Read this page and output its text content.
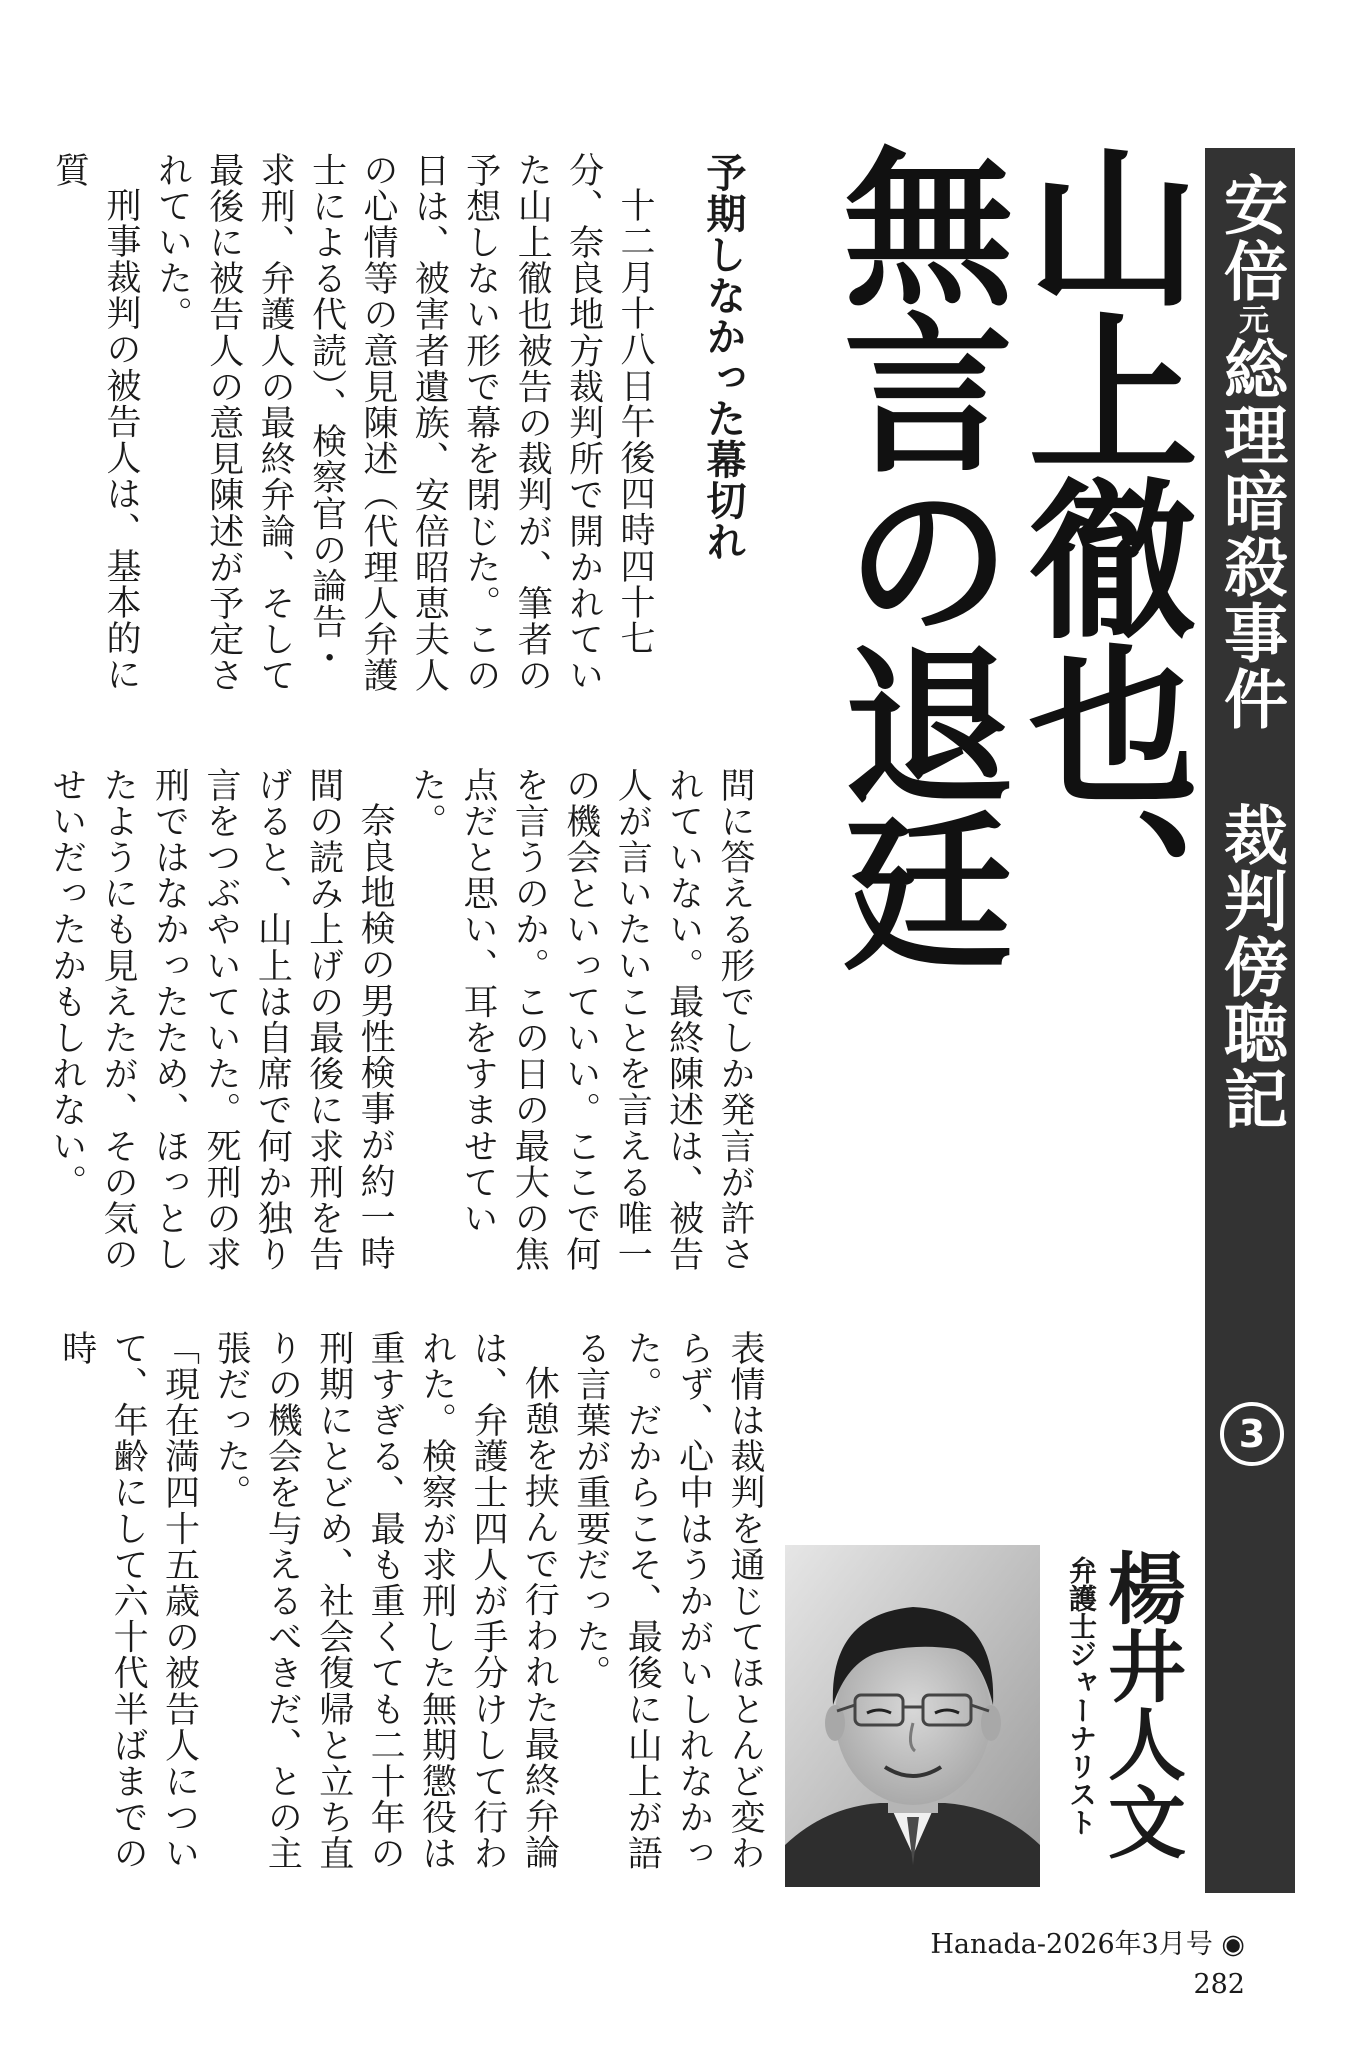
安倍元総理暗殺事件裁判傍聴記
3
山上徹也、
無言の退廷
楊井人文
弁護士ジャーナリスト
予期しなかった幕切れ
十二月十八日午後四時四十七分、奈良地方裁判所で開かれていた山上徹也被告の裁判が、筆者の予想しない形で幕を閉じた。この日は、被害者遺族、安倍昭恵夫人の心情等の意見陳述（代理人弁護士による代読）、検察官の論告・求刑、弁護人の最終弁論、そして最後に被告人の意見陳述が予定されていた。
刑事裁判の被告人は、基本的に質
問に答える形でしか発言が許されていない。最終陳述は、被告人が言いたいことを言える唯一の機会といっていい。ここで何を言うのか。この日の最大の焦点だと思い、耳をすませていた。
奈良地検の男性検事が約一時間の読み上げの最後に求刑を告げると、山上は自席で何か独り言をつぶやいていた。死刑の求刑ではなかったため、ほっとしたようにも見えたが、その気のせいだったかもしれない。
表情は裁判を通じてほとんど変わらず、心中はうかがいしれなかった。だからこそ、最後に山上が語る言葉が重要だった。
休憩を挟んで行われた最終弁論は、弁護士四人が手分けして行われた。検察が求刑した無期懲役は重すぎる、最も重くても二十年の刑期にとどめ、社会復帰と立ち直りの機会を与えるべきだ、との主張だった。
「現在満四十五歳の被告人について、年齢にして六十代半ばまでの時
Hanada-2026年3月号 ◉ 282
